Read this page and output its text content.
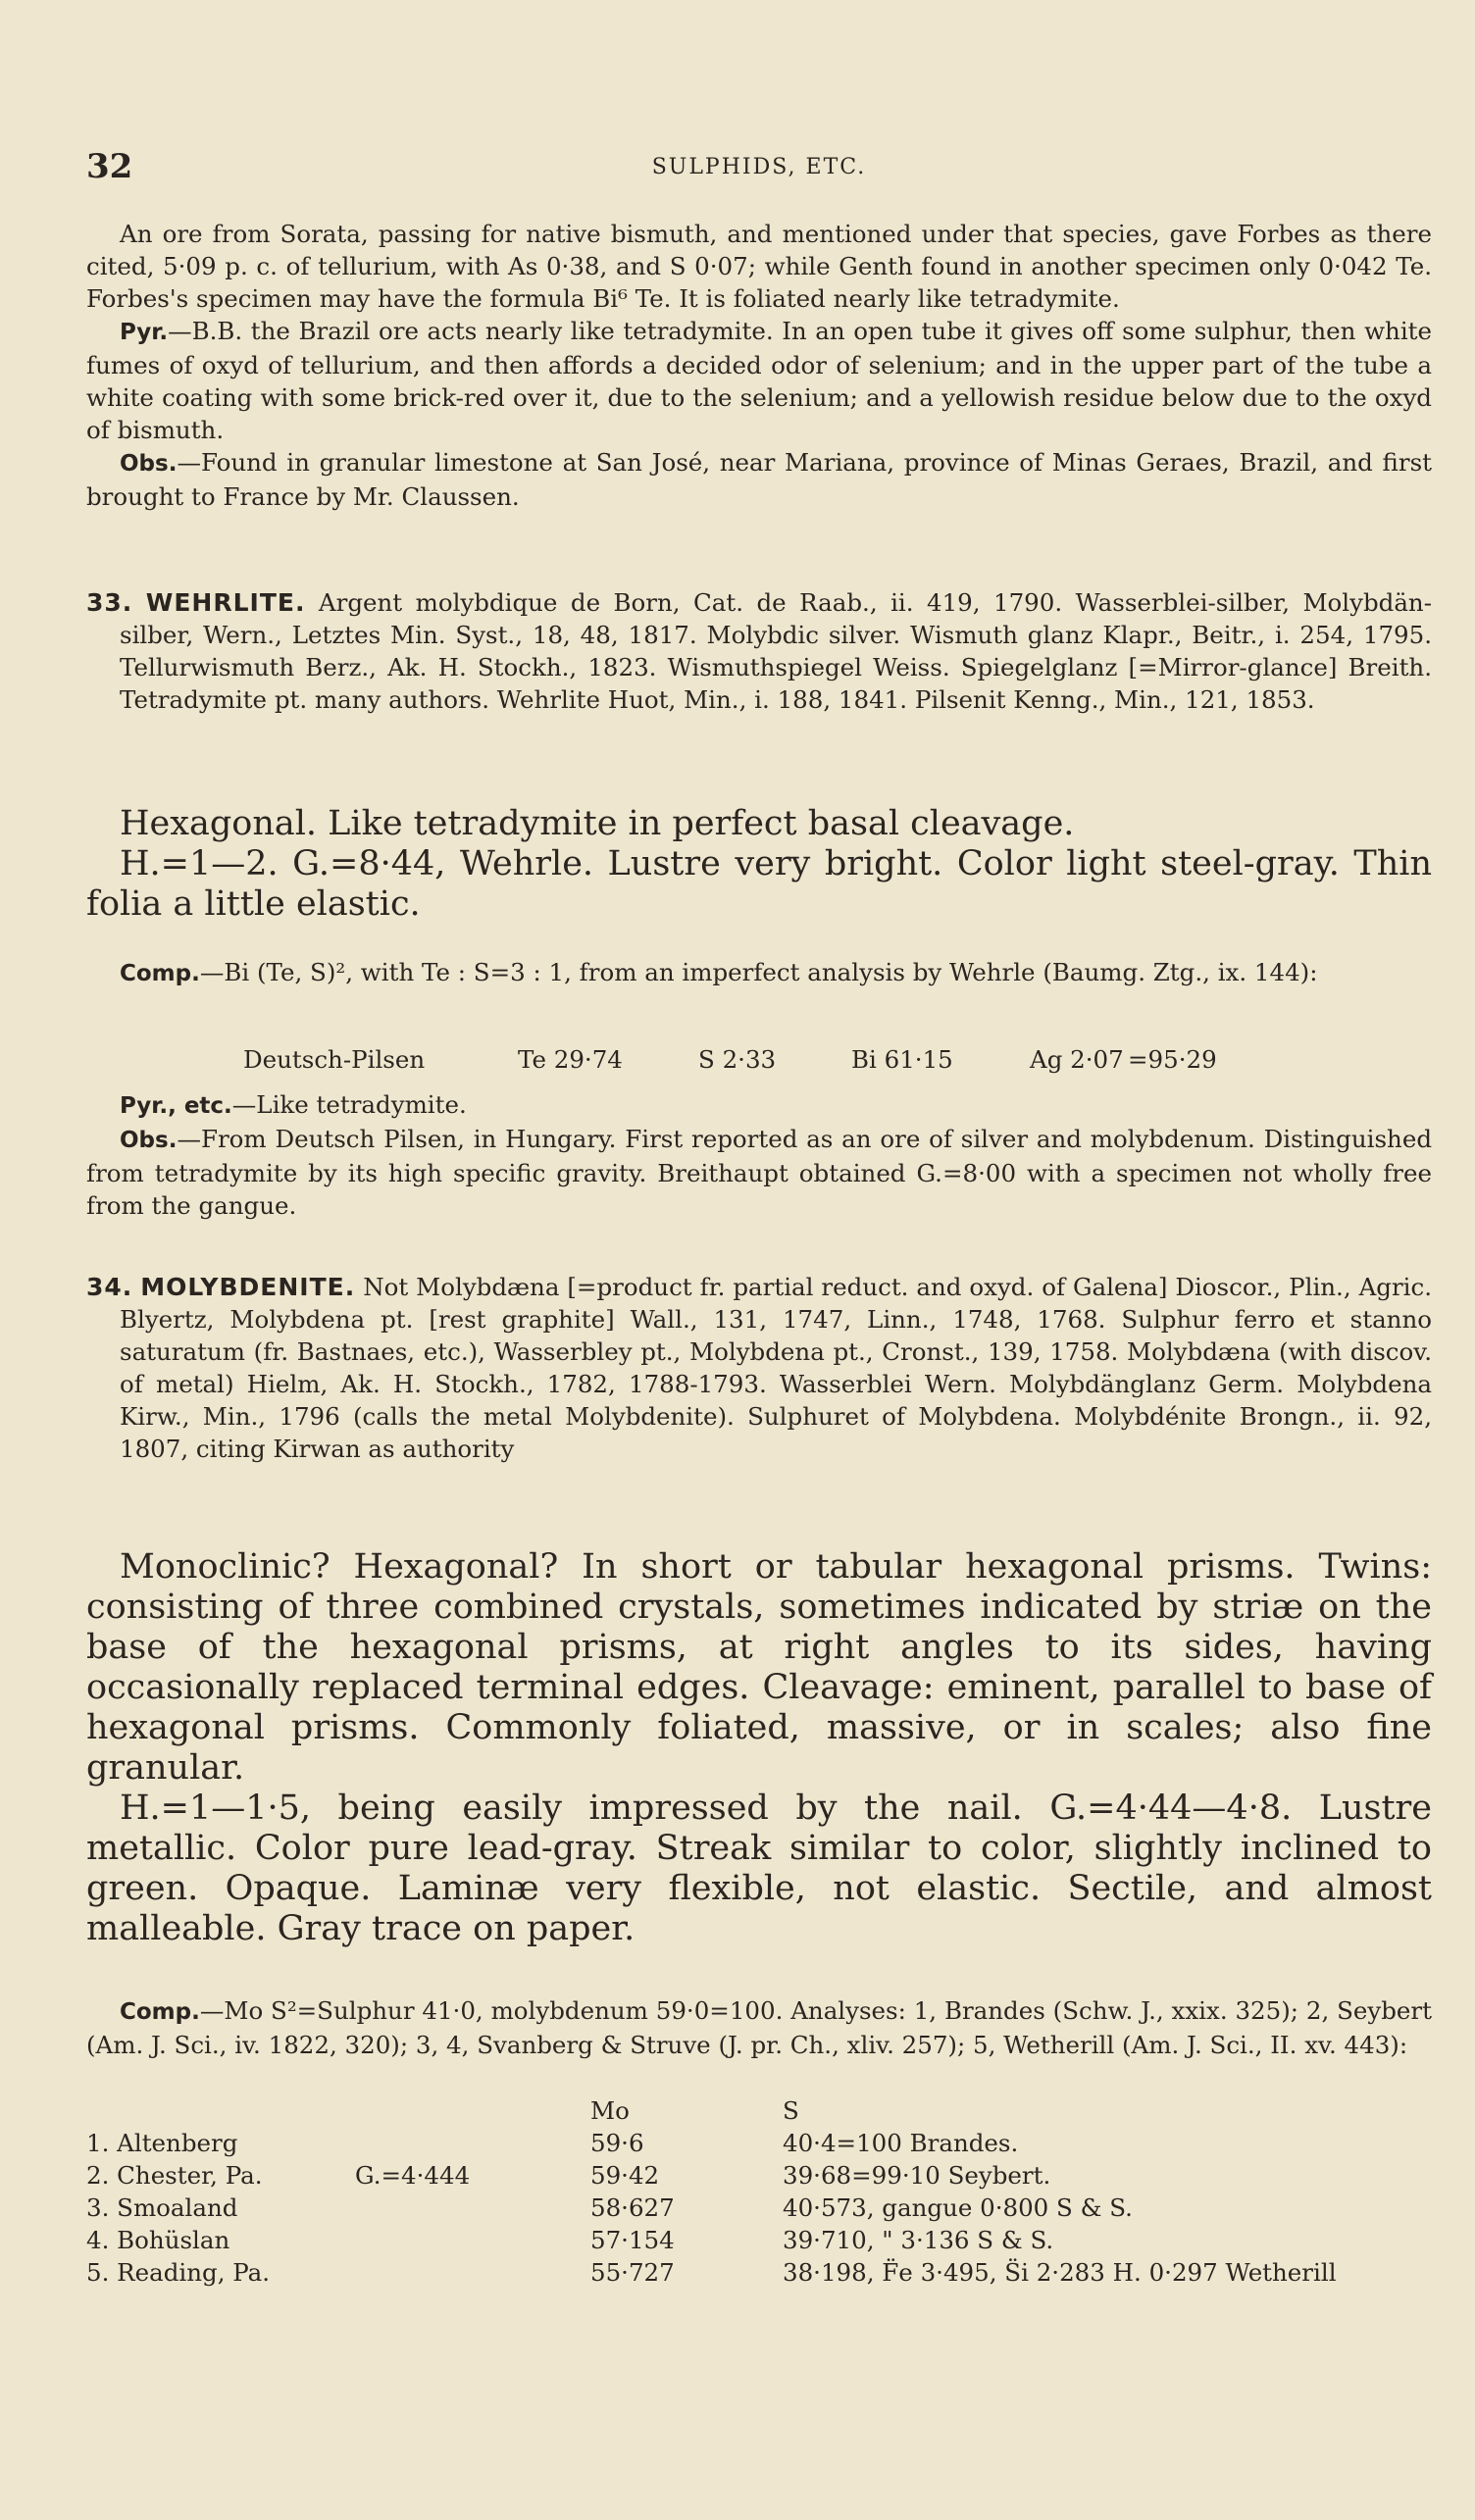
32	SULPHIDS, ETC.

An ore from Sorata, passing for native bismuth, and mentioned under that species, gave Forbes as there cited, 5·09 p. c. of tellurium, with As 0·38, and S 0·07; while Genth found in another specimen only 0·042 Te. Forbes's specimen may have the formula Bi⁶ Te. It is foliated nearly like tetradymite.

Pyr.—B.B. the Brazil ore acts nearly like tetradymite. In an open tube it gives off some sulphur, then white fumes of oxyd of tellurium, and then affords a decided odor of selenium; and in the upper part of the tube a white coating with some brick-red over it, due to the selenium; and a yellowish residue below due to the oxyd of bismuth.

Obs.—Found in granular limestone at San José, near Mariana, province of Minas Geraes, Brazil, and first brought to France by Mr. Claussen.

33. WEHRLITE. Argent molybdique de Born, Cat. de Raab., ii. 419, 1790. Wasserblei-silber, Molybdän-silber, Wern., Letztes Min. Syst., 18, 48, 1817. Molybdic silver. Wismuth glanz Klapr., Beitr., i. 254, 1795. Tellurwismuth Berz., Ak. H. Stockh., 1823. Wismuthspiegel Weiss. Spiegelglanz [=Mirror-glance] Breith. Tetradymite pt. many authors. Wehrlite Huot, Min., i. 188, 1841. Pilsenit Kenng., Min., 121, 1853.

Hexagonal. Like tetradymite in perfect basal cleavage.

H.=1—2. G.=8·44, Wehrle. Lustre very bright. Color light steel-gray. Thin folia a little elastic.

Comp.—Bi (Te, S)², with Te : S=3 : 1, from an imperfect analysis by Wehrle (Baumg. Ztg., ix. 144):

Deutsch-Pilsen	Te 29·74	S 2·33	Bi 61·15	Ag 2·07 =95·29

Pyr., etc.—Like tetradymite.

Obs.—From Deutsch Pilsen, in Hungary. First reported as an ore of silver and molybdenum. Distinguished from tetradymite by its high specific gravity. Breithaupt obtained G.=8·00 with a specimen not wholly free from the gangue.

34. MOLYBDENITE. Not Molybdæna [=product fr. partial reduct. and oxyd. of Galena] Dioscor., Plin., Agric. Blyertz, Molybdena pt. [rest graphite] Wall., 131, 1747, Linn., 1748, 1768. Sulphur ferro et stanno saturatum (fr. Bastnaes, etc.), Wasserbley pt., Molybdena pt., Cronst., 139, 1758. Molybdæna (with discov. of metal) Hielm, Ak. H. Stockh., 1782, 1788-1793. Wasserblei Wern. Molybdänglanz Germ. Molybdena Kirw., Min., 1796 (calls the metal Molybdenite). Sulphuret of Molybdena. Molybdénite Brongn., ii. 92, 1807, citing Kirwan as authority

Monoclinic? Hexagonal? In short or tabular hexagonal prisms. Twins: consisting of three combined crystals, sometimes indicated by striæ on the base of the hexagonal prisms, at right angles to its sides, having occasionally replaced terminal edges. Cleavage: eminent, parallel to base of hexagonal prisms. Commonly foliated, massive, or in scales; also fine granular.

H.=1—1·5, being easily impressed by the nail. G.=4·44—4·8. Lustre metallic. Color pure lead-gray. Streak similar to color, slightly inclined to green. Opaque. Laminæ very flexible, not elastic. Sectile, and almost malleable. Gray trace on paper.

Comp.—Mo S²=Sulphur 41·0, molybdenum 59·0=100. Analyses: 1, Brandes (Schw. J., xxix. 325); 2, Seybert (Am. J. Sci., iv. 1822, 320); 3, 4, Svanberg & Struve (J. pr. Ch., xliv. 257); 5, Wetherill (Am. J. Sci., II. xv. 443):

		Mo	S
1. Altenberg		59·6	40·4=100 Brandes.
2. Chester, Pa.	G.=4·444	59·42	39·68=99·10 Seybert.
3. Smoaland		58·627	40·573, gangue 0·800 S & S.
4. Bohüslan		57·154	39·710, " 3·136 S & S.
5. Reading, Pa.		55·727	38·198, F̈e 3·495, S̈i 2·283 H. 0·297 Wetherill
